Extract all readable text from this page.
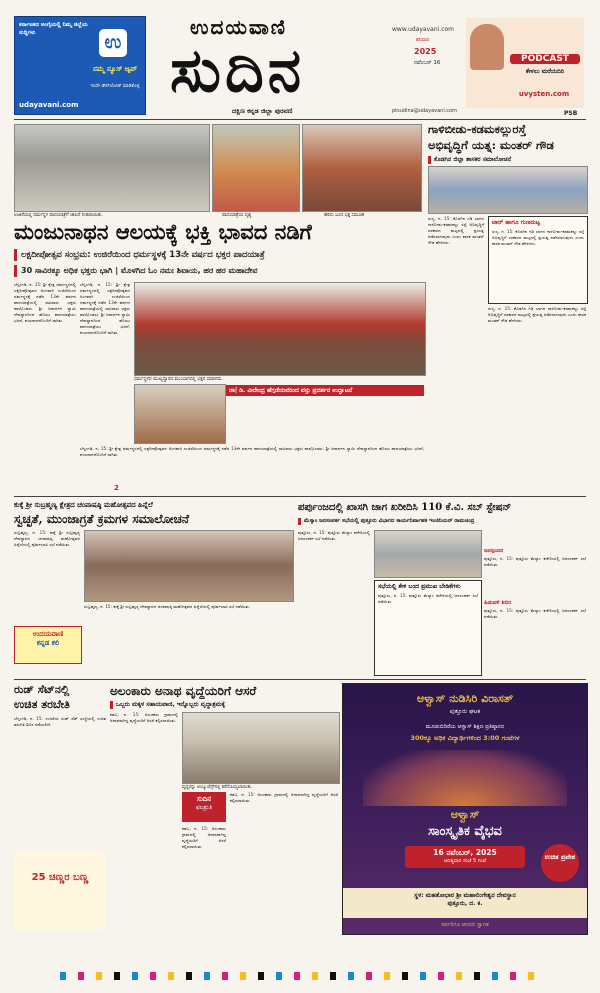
ಕರ್ನಾಟಕದ ಅಂಗೈಯಲ್ಲಿ ನಿಮ್ಮ ಜಿಲ್ಲೆಯ ಸುದ್ದಿಗಳು	ಉ
ನಮ್ಮ ನ್ಯೂಸ್ ಆ್ಯಪ್
ಇಂದೇ ಡೌನ್‌ಲೋಡ್ ಮಾಡಿಕೊಳ್ಳಿ
udayavani.com
ಉದಯವಾಣಿ	www.udayavani.com
ಸುದಿನ
ದಕ್ಷಿಣ ಕನ್ನಡ ಜಿಲ್ಲಾ ಪುರವಣಿ
ಶನಿವಾರ
2025
ನವೆಂಬರ್ 16
ptsudina@udayavani.com
PODCAST
ಕೇಳಲು ಮರೆಯದಿರಿ
uvysten.com
PSB
ಉಜಿರೆಯಲ್ಲಿ ಧರ್ಮಸ್ಥಳ ಪಾದಯಾತ್ರೆಗೆ ಚಾಲನೆ ನೀಡಲಾಯಿತು.	ಪಾದಯಾತ್ರೆಯ ದೃಶ್ಯ	ಹರಿದು ಬಂದ ಭಕ್ತ ಸಮೂಹ
ಮಂಜುನಾಥನ ಆಲಯಕ್ಕೆ ಭಕ್ತಿ ಭಾವದ ನಡಿಗೆ
ಲಕ್ಷದೀಪೋತ್ಸವ ಸಂಭ್ರಮ: ಉಜಿರೆಯಿಂದ ಧರ್ಮಸ್ಥಳಕ್ಕೆ 13ನೇ ವರ್ಷದ ಭಕ್ತರ ಪಾದಯಾತ್ರೆ
30 ಸಾವಿರಕ್ಕೂ ಅಧಿಕ ಭಕ್ತರು ಭಾಗಿ | ಮೊಳಗಿದ ಓಂ ನಮಃ ಶಿವಾಯ, ಹರ ಹರ ಮಹಾದೇವ
ಬೆಳ್ತಂಗಡಿ, ನ. 15: ಶ್ರೀ ಕ್ಷೇತ್ರ ಧರ್ಮಸ್ಥಳದಲ್ಲಿ ಲಕ್ಷದೀಪೋತ್ಸವದ ಅಂಗವಾಗಿ ಉಜಿರೆಯಿಂದ ಧರ್ಮಸ್ಥಳಕ್ಕೆ ನಡೆದ 13ನೇ ವರ್ಷದ ಪಾದಯಾತ್ರೆಯಲ್ಲಿ ಸಾವಿರಾರು ಭಕ್ತರು ಪಾಲ್ಗೊಂಡರು. ಶ್ರೀ ಜನಾರ್ದನ ಸ್ವಾಮಿ ದೇವಸ್ಥಾನದಿಂದ ಹೊರಟ ಪಾದಯಾತ್ರೆಯು ಭಜನೆ, ಶಂಖನಾದದೊಂದಿಗೆ ಸಾಗಿತು.
ಬೆಳ್ತಂಗಡಿ, ನ. 15: ಶ್ರೀ ಕ್ಷೇತ್ರ ಧರ್ಮಸ್ಥಳದಲ್ಲಿ ಲಕ್ಷದೀಪೋತ್ಸವದ ಅಂಗವಾಗಿ ಉಜಿರೆಯಿಂದ ಧರ್ಮಸ್ಥಳಕ್ಕೆ ನಡೆದ 13ನೇ ವರ್ಷದ ಪಾದಯಾತ್ರೆಯಲ್ಲಿ ಸಾವಿರಾರು ಭಕ್ತರು ಪಾಲ್ಗೊಂಡರು. ಶ್ರೀ ಜನಾರ್ದನ ಸ್ವಾಮಿ ದೇವಸ್ಥಾನದಿಂದ ಹೊರಟ ಪಾದಯಾತ್ರೆಯು ಭಜನೆ, ಶಂಖನಾದದೊಂದಿಗೆ ಸಾಗಿತು.
ಧರ್ಮಸ್ಥಳದ ಮುಖ್ಯದ್ವಾರದ ಮುಂಭಾಗದಲ್ಲಿ ಭಕ್ತರ ಸಮಾಗಮ.
ಡಾ| ಡಿ. ವೀರೇಂದ್ರ ಹೆಗ್ಗಡೆಯವರಿಂದ ವಸ್ತು ಪ್ರದರ್ಶನ ಉದ್ಘಾಟನೆ
ಬೆಳ್ತಂಗಡಿ, ನ. 15: ಶ್ರೀ ಕ್ಷೇತ್ರ ಧರ್ಮಸ್ಥಳದಲ್ಲಿ ಲಕ್ಷದೀಪೋತ್ಸವದ ಅಂಗವಾಗಿ ಉಜಿರೆಯಿಂದ ಧರ್ಮಸ್ಥಳಕ್ಕೆ ನಡೆದ 13ನೇ ವರ್ಷದ ಪಾದಯಾತ್ರೆಯಲ್ಲಿ ಸಾವಿರಾರು ಭಕ್ತರು ಪಾಲ್ಗೊಂಡರು. ಶ್ರೀ ಜನಾರ್ದನ ಸ್ವಾಮಿ ದೇವಸ್ಥಾನದಿಂದ ಹೊರಟ ಪಾದಯಾತ್ರೆಯು ಭಜನೆ, ಶಂಖನಾದದೊಂದಿಗೆ ಸಾಗಿತು.
2
ಗಾಳಿಬೀಡು-ಕಡಮಕಲ್ಲುರಸ್ತೆ
ಅಭಿವೃದ್ಧಿಗೆ ಯತ್ನ: ಮಂತರ್ ಗೌಡ
ಕೊಡಗಿನ ಜಿಲ್ಲಾ ಶಾಸಕರ ಸಮಾಲೋಚನೆ
ಸುಳ್ಯ, ನ. 15: ಕೊಡಗಿನ ಗಡಿ ಭಾಗದ ಗಾಳಿಬೀಡು-ಕಡಮಕಲ್ಲು ರಸ್ತೆ ಅಭಿವೃದ್ಧಿಗೆ ಸರಕಾರದ ಮಟ್ಟದಲ್ಲಿ ಪ್ರಯತ್ನ ನಡೆಸಲಾಗುವುದು ಎಂದು ಶಾಸಕ ಮಂತರ್ ಗೌಡ ಹೇಳಿದರು.
ಟಾರ್ ಹಾಗೂ ಗುಣಮಟ್ಟ
ಸುಳ್ಯ, ನ. 15: ಕೊಡಗಿನ ಗಡಿ ಭಾಗದ ಗಾಳಿಬೀಡು-ಕಡಮಕಲ್ಲು ರಸ್ತೆ ಅಭಿವೃದ್ಧಿಗೆ ಸರಕಾರದ ಮಟ್ಟದಲ್ಲಿ ಪ್ರಯತ್ನ ನಡೆಸಲಾಗುವುದು ಎಂದು ಶಾಸಕ ಮಂತರ್ ಗೌಡ ಹೇಳಿದರು.
ಸುಳ್ಯ, ನ. 15: ಕೊಡಗಿನ ಗಡಿ ಭಾಗದ ಗಾಳಿಬೀಡು-ಕಡಮಕಲ್ಲು ರಸ್ತೆ ಅಭಿವೃದ್ಧಿಗೆ ಸರಕಾರದ ಮಟ್ಟದಲ್ಲಿ ಪ್ರಯತ್ನ ನಡೆಸಲಾಗುವುದು ಎಂದು ಶಾಸಕ ಮಂತರ್ ಗೌಡ ಹೇಳಿದರು.
ಕುಕ್ಕೆ ಶ್ರೀ ಸುಬ್ರಹ್ಮಣ್ಯ ಕ್ಷೇತ್ರದ ಚಂಪಾಷಷ್ಠಿ ಮಹೋತ್ಸವದ ಹಿನ್ನೆಲೆ
ಸ್ವಚ್ಛತೆ, ಮುಂಜಾಗ್ರತೆ ಕ್ರಮಗಳ ಸಮಾಲೋಚನೆ
ಸುಬ್ರಹ್ಮಣ್ಯ, ನ. 15: ಕುಕ್ಕೆ ಶ್ರೀ ಸುಬ್ರಹ್ಮಣ್ಯ ದೇವಸ್ಥಾನದ ಚಂಪಾಷಷ್ಠಿ ಮಹೋತ್ಸವದ ಹಿನ್ನೆಲೆಯಲ್ಲಿ ಪೂರ್ವಭಾವಿ ಸಭೆ ನಡೆಯಿತು.
ಉದಯವಾಣಿ
ಕನ್ನಡ ಕಲಿ
ಸುಬ್ರಹ್ಮಣ್ಯ, ನ. 15: ಕುಕ್ಕೆ ಶ್ರೀ ಸುಬ್ರಹ್ಮಣ್ಯ ದೇವಸ್ಥಾನದ ಚಂಪಾಷಷ್ಠಿ ಮಹೋತ್ಸವದ ಹಿನ್ನೆಲೆಯಲ್ಲಿ ಪೂರ್ವಭಾವಿ ಸಭೆ ನಡೆಯಿತು.
ಪರ್ಪುಂಜದಲ್ಲಿ ಖಾಸಗಿ ಜಾಗ ಖರೀದಿಸಿ 110 ಕೆ.ವಿ. ಸಬ್ ಸ್ಟೇಷನ್
ಮೆಸ್ಕಾಂ ಜನಸಂಪರ್ಕ ಸಭೆಯಲ್ಲಿ ಪುತ್ತೂರು ವಿಭಾಗದ ಕಾರ್ಯನಿರ್ವಾಹಕ ಇಂಜಿನಿಯರ್ ರಾಮಚಂದ್ರ
ಪುತ್ತೂರು, ನ. 15: ಪುತ್ತೂರು ಮೆಸ್ಕಾಂ ಕಚೇರಿಯಲ್ಲಿ ಜನಸಂಪರ್ಕ ಸಭೆ ನಡೆಯಿತು.
ಸಭೆಯಲ್ಲಿ ಕೇಳಿ ಬಂದ ಪ್ರಮುಖ ಬೇಡಿಕೆಗಳು
ಪುತ್ತೂರು, ನ. 15: ಪುತ್ತೂರು ಮೆಸ್ಕಾಂ ಕಚೇರಿಯಲ್ಲಿ ಜನಸಂಪರ್ಕ ಸಭೆ ನಡೆಯಿತು.
ಜನಸ್ಪಂದನ
ಪುತ್ತೂರು, ನ. 15: ಪುತ್ತೂರು ಮೆಸ್ಕಾಂ ಕಚೇರಿಯಲ್ಲಿ ಜನಸಂಪರ್ಕ ಸಭೆ ನಡೆಯಿತು.
ಹಿಡುವಳಿ ಶಿಬಿರ
ಪುತ್ತೂರು, ನ. 15: ಪುತ್ತೂರು ಮೆಸ್ಕಾಂ ಕಚೇರಿಯಲ್ಲಿ ಜನಸಂಪರ್ಕ ಸಭೆ ನಡೆಯಿತು.
ರುಡ್ ಸೆಟ್‌ನಲ್ಲಿ
ಉಚಿತ ತರಬೇತಿ
ಬೆಳ್ತಂಗಡಿ, ನ. 15: ಉಜಿರೆಯ ರುಡ್ ಸೆಟ್ ಸಂಸ್ಥೆಯಲ್ಲಿ ಉಚಿತ ತರಬೇತಿ ಶಿಬಿರ ನಡೆಯಲಿದೆ.
25 ಚಿಣ್ಣರ ಬಣ್ಣ
ಅಲಂಕಾರು ಅನಾಥ ವೃದ್ಧೆಯರಿಗೆ ಆಸರೆ
ಒಬ್ಬರು ಮಕ್ಕಳ ಸಹಾಯವಾಣಿ, ಇನ್ನೊಬ್ಬರು ವೃದ್ಧಾಶ್ರಮಕ್ಕೆ
ಕಡಬ, ನ. 15: ಅಲಂಕಾರು ಗ್ರಾಮದಲ್ಲಿ ಅನಾಥರಾಗಿದ್ದ ವೃದ್ಧೆಯರಿಗೆ ಆಸರೆ ಕಲ್ಪಿಸಲಾಯಿತು.
ವೃದ್ಧರನ್ನು ಆಂಬ್ಯುಲೆನ್ಸ್‌ನಲ್ಲಿ ಕರೆದೊಯ್ಯಲಾಯಿತು.
ಸುದಿನ
ಫಲಶ್ರುತಿ
ಕಡಬ, ನ. 15: ಅಲಂಕಾರು ಗ್ರಾಮದಲ್ಲಿ ಅನಾಥರಾಗಿದ್ದ ವೃದ್ಧೆಯರಿಗೆ ಆಸರೆ ಕಲ್ಪಿಸಲಾಯಿತು.
ಕಡಬ, ನ. 15: ಅಲಂಕಾರು ಗ್ರಾಮದಲ್ಲಿ ಅನಾಥರಾಗಿದ್ದ ವೃದ್ಧೆಯರಿಗೆ ಆಸರೆ ಕಲ್ಪಿಸಲಾಯಿತು.
ಆಳ್ವಾಸ್ ನುಡಿಸಿರಿ ವಿರಾಸತ್
ಪುತ್ತೂರು ಘಟಕ
ಮೂಡುಬಿದಿರೆಯ ಆಳ್ವಾಸ್ ಶಿಕ್ಷಣ ಪ್ರತಿಷ್ಠಾನದ
300ಕ್ಕೂ ಅಧಿಕ ವಿದ್ಯಾರ್ಥಿಗಳಿಂದ 3:00 ಗಂಟೆಗಳ
ಆಳ್ವಾಸ್
ಸಾಂಸ್ಕೃತಿಕ ವೈಭವ
16 ನವೆಂಬರ್, 2025
ಆದಿತ್ಯವಾರ ಸಂಜೆ 5 ಗಂಟೆ	ಉಚಿತ ಪ್ರವೇಶ
ಸ್ಥಳ: ಮಹತೋಭಾರ ಶ್ರೀ ಮಹಾಲಿಂಗೇಶ್ವರ ದೇವಸ್ಥಾನ
ಪುತ್ತೂರು, ದ. ಕ.
ಸರ್ವರಿಗೂ ಆದರದ ಸ್ವಾಗತ
